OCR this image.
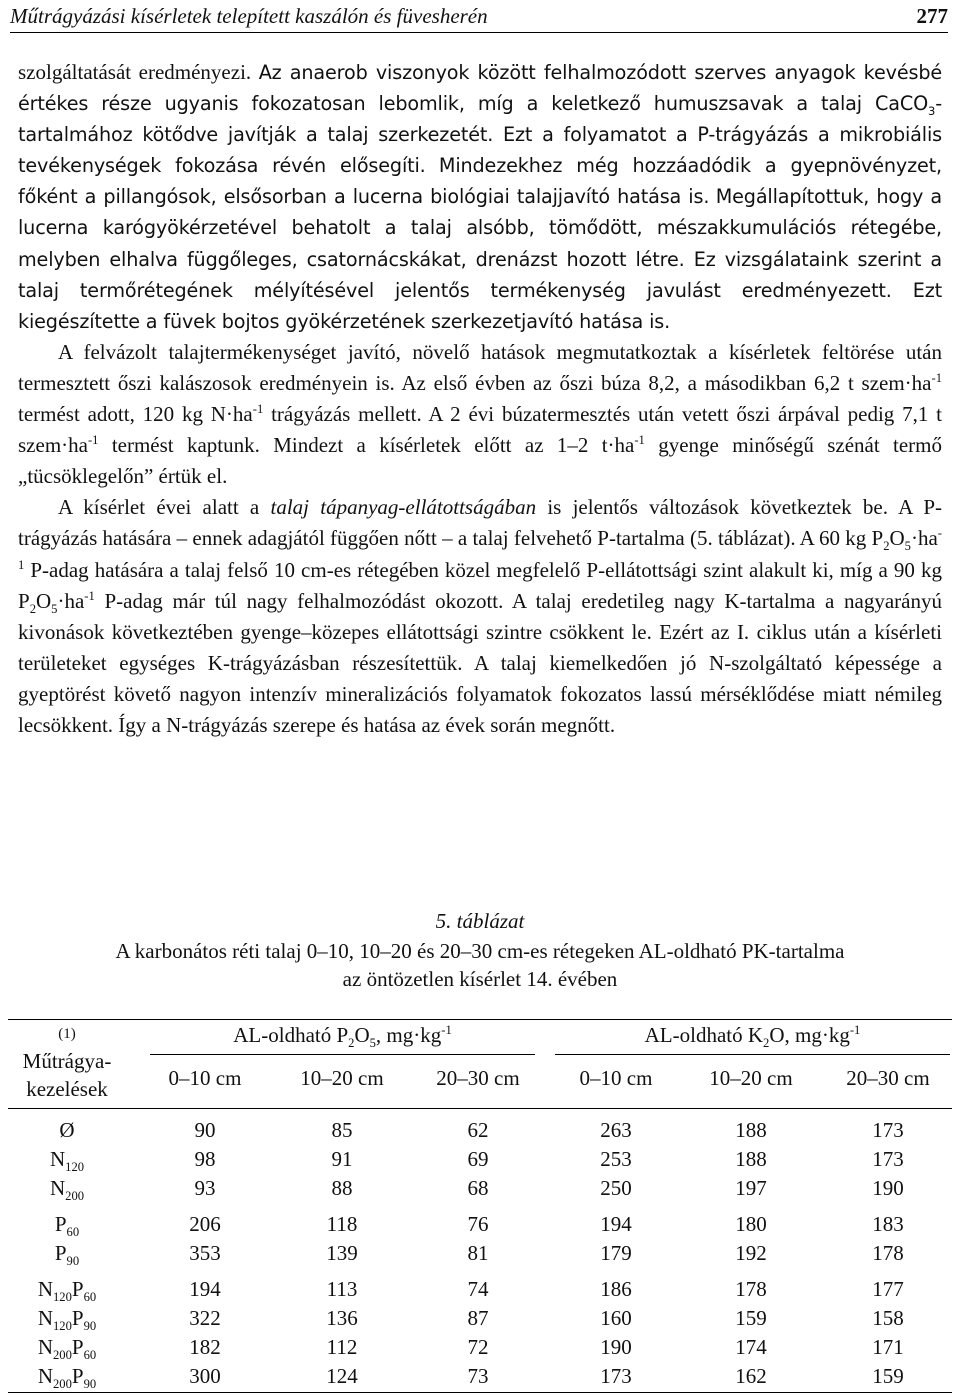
Műtrágyázási kísérletek telepített kaszálón és füvesherén	277

szolgáltatását eredményezi. Az anaerob viszonyok között felhalmozódott szerves anyagok kevésbé értékes része ugyanis fokozatosan lebomlik, míg a keletkező humuszsavak a talaj CaCO$_3$-tartalmához kötődve javítják a talaj szerkezetét. Ezt a folyamatot a P-trágyázás a mikrobiális tevékenységek fokozása révén elősegíti. Mindezekhez még hozzáadódik a gyepnövényzet, főként a pillangósok, elsősorban a lucerna biológiai talajjavító hatása is. Megállapítottuk, hogy a lucerna karógyökérzetével behatolt a talaj alsóbb, tömődött, mészakkumulációs rétegébe, melyben elhalva függőleges, csatornácskákat, drenázst hozott létre. Ez vizsgálataink szerint a talaj termőrétegének mélyítésével jelentős termékenység javulást eredményezett. Ezt kiegészítette a füvek bojtos gyökérzetének szerkezetjavító hatása is.

A felvázolt talajtermékenységet javító, növelő hatások megmutatkoztak a kísérletek feltörése után termesztett őszi kalászosok eredményein is. Az első évben az őszi búza 8,2, a másodikban 6,2 t $szem\cdot ha^{-1}$ termést adott, 120 kg $N\cdot ha^{-1}$ trágyázás mellett. A 2 évi búzatermesztés után vetett őszi árpával pedig 7,1 t $szem\cdot ha^{-1}$ termést kaptunk. Mindezt a kísérletek előtt az 1–2 $t\cdot ha^{-1}$ gyenge minőségű szénát termő „tücsöklegelőn” értük el.

A kísérlet évei alatt a talaj tápanyag-ellátottságában is jelentős változások következtek be. A P-trágyázás hatására – ennek adagjától függően nőtt – a talaj felvehető P-tartalma (5. táblázat). A 60 kg $P_2O_5\cdot ha^{-1}$ P-adag hatására a talaj felső 10 cm-es rétegében közel megfelelő P-ellátottsági szint alakult ki, míg a 90 kg $P_2O_5\cdot ha^{-1}$ P-adag már túl nagy felhalmozódást okozott. A talaj eredetileg nagy K-tartalma a nagyarányú kivonások következtében gyenge–közepes ellátottsági szintre csökkent le. Ezért az I. ciklus után a kísérleti területeket egységes K-trágyázásban részesítettük. A talaj kiemelkedően jó N-szolgáltató képessége a gyeptörést követő nagyon intenzív mineralizációs folyamatok fokozatos lassú mérséklődése miatt némileg lecsökkent. Így a N-trágyázás szerepe és hatása az évek során megnőtt.

5. táblázat
A karbonátos réti talaj 0–10, 10–20 és 20–30 cm-es rétegeken AL-oldható PK-tartalma
az öntözetlen kísérlet 14. évében
(1)
Műtrágya-
kezelések
AL-oldható $P_2O_5$, $mg\cdot kg^{-1}$	AL-oldható $K_2O$, $mg\cdot kg^{-1}$
0–10 cm	10–20 cm	20–30 cm	0–10 cm	10–20 cm	20–30 cm
Ø	90	85	62	263	188	173
$N_{120}$	98	91	69	253	188	173
$N_{200}$	93	88	68	250	197	190
$P_{60}$	206	118	76	194	180	183
$P_{90}$	353	139	81	179	192	178
$N_{120}P_{60}$	194	113	74	186	178	177
$N_{120}P_{90}$	322	136	87	160	159	158
$N_{200}P_{60}$	182	112	72	190	174	171
$N_{200}P_{90}$	300	124	73	173	162	159
